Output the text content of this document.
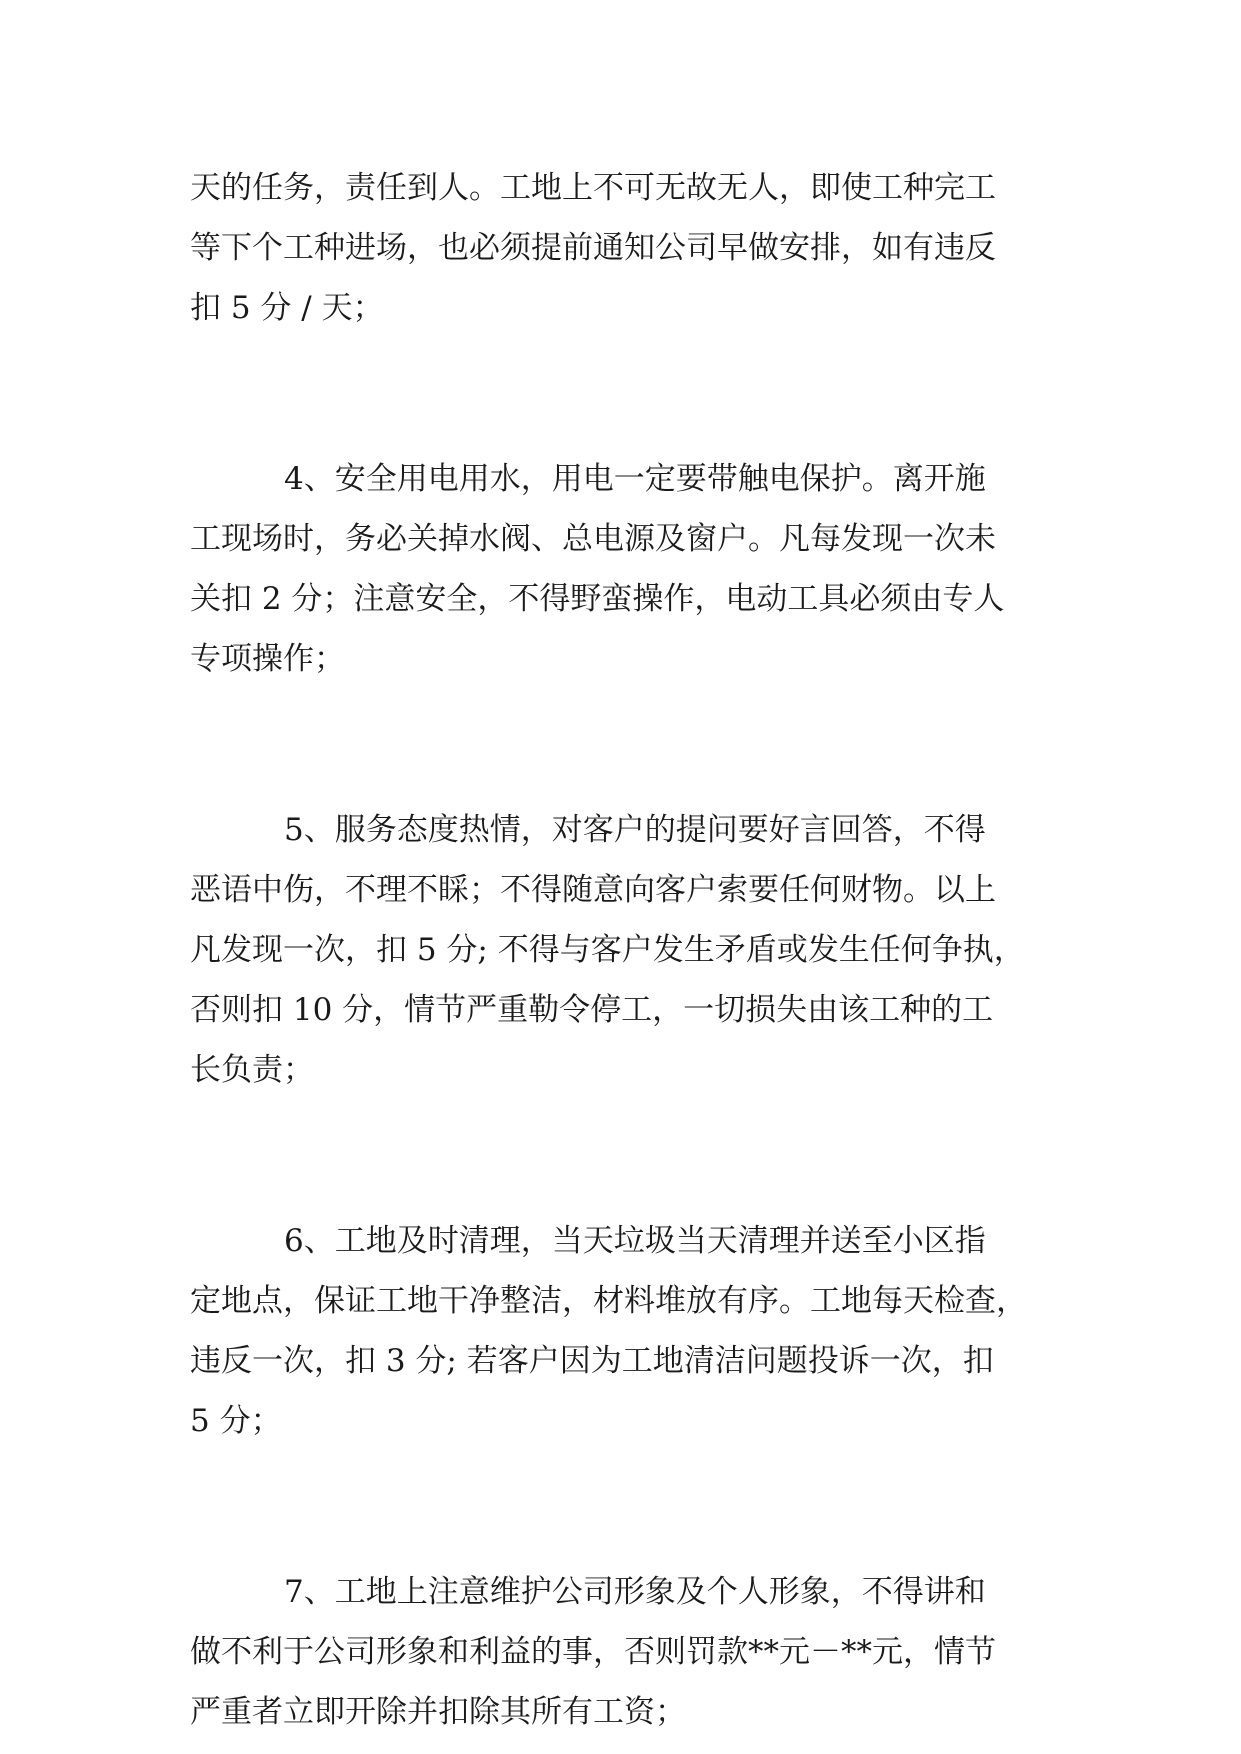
天的任务，责任到人。工地上不可无故无人，即使工种完工
等下个工种进场，也必须提前通知公司早做安排，如有违反
扣 5 分 / 天；
4、安全用电用水，用电一定要带触电保护。离开施
工现场时，务必关掉水阀、总电源及窗户。凡每发现一次未
关扣 2 分；注意安全，不得野蛮操作，电动工具必须由专人
专项操作；
5、服务态度热情，对客户的提问要好言回答，不得
恶语中伤，不理不睬；不得随意向客户索要任何财物。以上
凡发现一次，扣 5 分; 不得与客户发生矛盾或发生任何争执，
否则扣 10 分，情节严重勒令停工，一切损失由该工种的工
长负责；
6、工地及时清理，当天垃圾当天清理并送至小区指
定地点，保证工地干净整洁，材料堆放有序。工地每天检查，
违反一次，扣 3 分; 若客户因为工地清洁问题投诉一次，扣
5 分；
7、工地上注意维护公司形象及个人形象，不得讲和
做不利于公司形象和利益的事，否则罚款**元－**元，情节
严重者立即开除并扣除其所有工资；
